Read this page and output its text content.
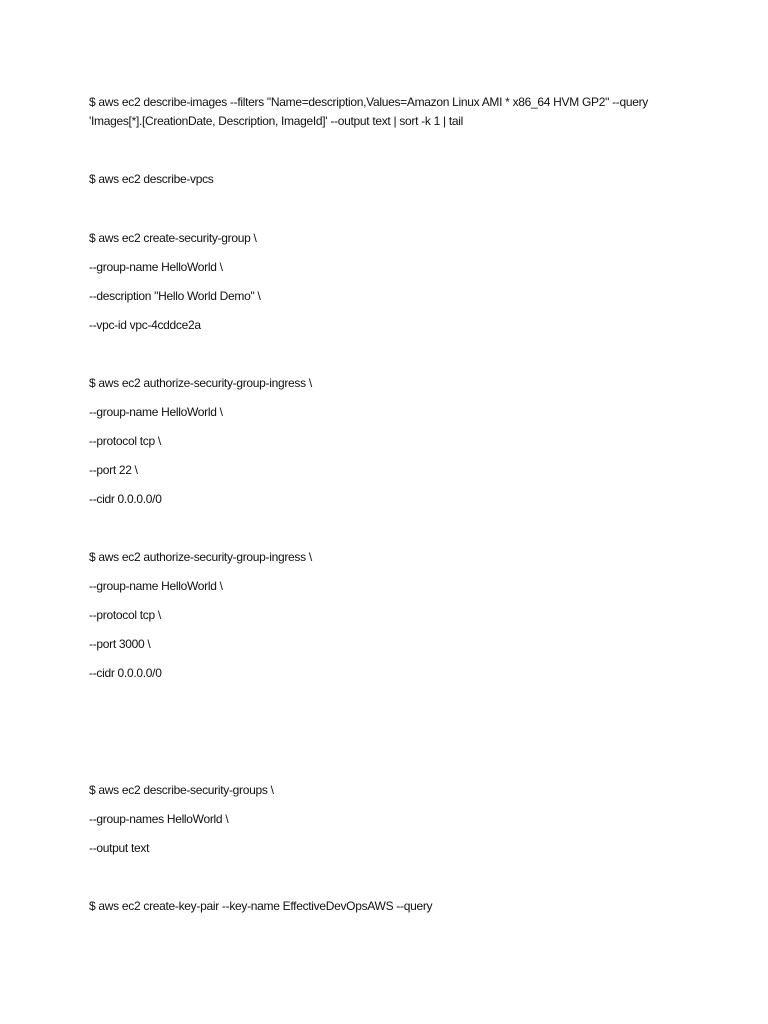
$ aws ec2 describe-images --filters "Name=description,Values=Amazon Linux AMI * x86_64 HVM GP2" --query 'Images[*].[CreationDate, Description, ImageId]' --output text | sort -k 1 | tail
$ aws ec2 describe-vpcs
$ aws ec2 create-security-group \
--group-name HelloWorld \
--description "Hello World Demo" \
--vpc-id vpc-4cddce2a
$ aws ec2 authorize-security-group-ingress \
--group-name HelloWorld \
--protocol tcp \
--port 22 \
--cidr 0.0.0.0/0
$ aws ec2 authorize-security-group-ingress \
--group-name HelloWorld \
--protocol tcp \
--port 3000 \
--cidr 0.0.0.0/0
$ aws ec2 describe-security-groups \
--group-names HelloWorld \
--output text
$ aws ec2 create-key-pair --key-name EffectiveDevOpsAWS --query
